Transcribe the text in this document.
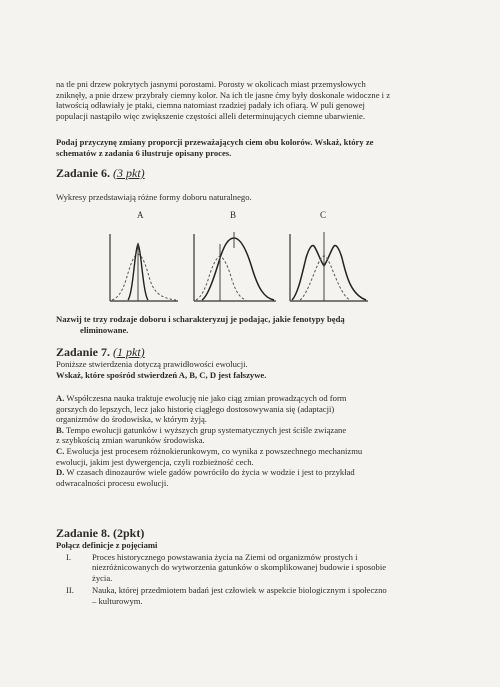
na tle pni drzew pokrytych jasnymi porostami. Porosty w okolicach miast przemysłowych

zniknęły, a pnie drzew przybrały ciemny kolor. Na ich tle jasne ćmy były doskonale widoczne i z

łatwością odławiały je ptaki, ciemna natomiast rzadziej padały ich ofiarą. W puli genowej

populacji nastąpiło więc zwiększenie częstości alleli determinujących ciemne ubarwienie.

Podaj przyczynę zmiany proporcji przeważających ciem obu kolorów. Wskaż, który ze

schematów z zadania 6 ilustruje opisany proces.

Zadanie 6. (3 pkt)
Wykresy przedstawiają różne formy doboru naturalnego.
A	B	C

Nazwij te trzy rodzaje doboru i scharakteryzuj je podając, jakie fenotypy będą

eliminowane.

Zadanie 7. (1 pkt)
Poniższe stwierdzenia dotyczą prawidłowości ewolucji.
Wskaż, które spośród stwierdzeń A, B, C, D jest fałszywe.

A. Współczesna nauka traktuje ewolucję nie jako ciąg zmian prowadzących od form

gorszych do lepszych, lecz jako historię ciągłego dostosowywania się (adaptacji)

organizmów do środowiska, w którym żyją.

B. Tempo ewolucji gatunków i wyższych grup systematycznych jest ściśle związane

z szybkością zmian warunków środowiska.

C. Ewolucja jest procesem różnokierunkowym, co wynika z powszechnego mechanizmu

ewolucji, jakim jest dywergencja, czyli rozbieżność cech.

D. W czasach dinozaurów wiele gadów powróciło do życia w wodzie i jest to przykład

odwracalności procesu ewolucji.

Zadanie 8. (2pkt)
Połącz definicje z pojęciami
I.	Proces historycznego powstawania życia na Ziemi od organizmów prostych i

niezróżnicowanych do wytworzenia gatunków o skomplikowanej budowie i sposobie

życia.

II.	Nauka, której przedmiotem badań jest człowiek w aspekcie biologicznym i społeczno

– kulturowym.
